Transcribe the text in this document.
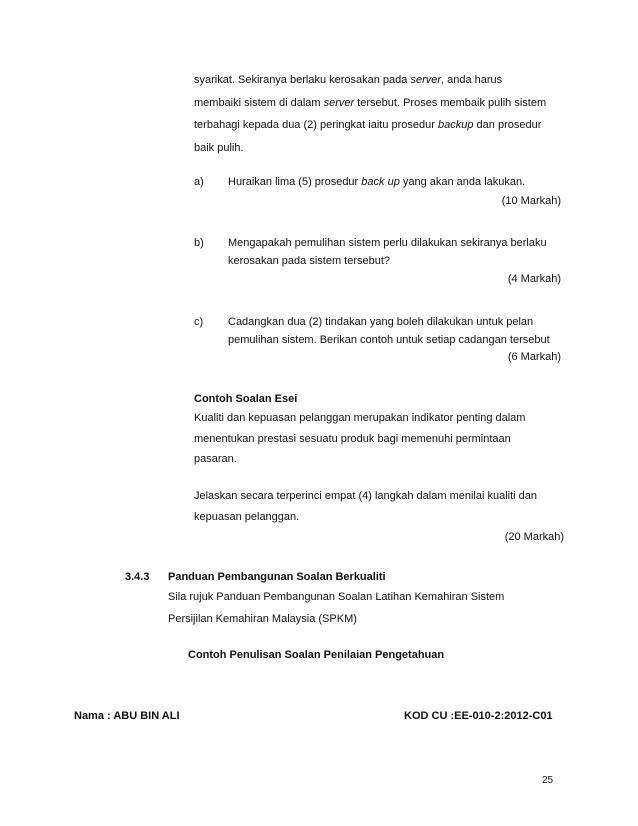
syarikat. Sekiranya berlaku kerosakan pada server, anda harus
membaiki sistem di dalam server tersebut. Proses membaik pulih sistem
terbahagi kepada dua (2) peringkat iaitu prosedur backup dan prosedur
baik pulih.
a) Huraikan lima (5) prosedur back up yang akan anda lakukan.
(10 Markah)
b) Mengapakah pemulihan sistem perlu dilakukan sekiranya berlaku
kerosakan pada sistem tersebut?
(4 Markah)
c) Cadangkan dua (2) tindakan yang boleh dilakukan untuk pelan
pemulihan sistem. Berikan contoh untuk setiap cadangan tersebut
(6 Markah)
Contoh Soalan Esei
Kualiti dan kepuasan pelanggan merupakan indikator penting dalam
menentukan prestasi sesuatu produk bagi memenuhi permintaan
pasaran.
Jelaskan secara terperinci empat (4) langkah dalam menilai kualiti dan
kepuasan pelanggan.
(20 Markah)
3.4.3 Panduan Pembangunan Soalan Berkualiti
Sila rujuk Panduan Pembangunan Soalan Latihan Kemahiran Sistem
Persijilan Kemahiran Malaysia (SPKM)
Contoh Penulisan Soalan Penilaian Pengetahuan
Nama : ABU BIN ALI	KOD CU :EE-010-2:2012-C01
25
